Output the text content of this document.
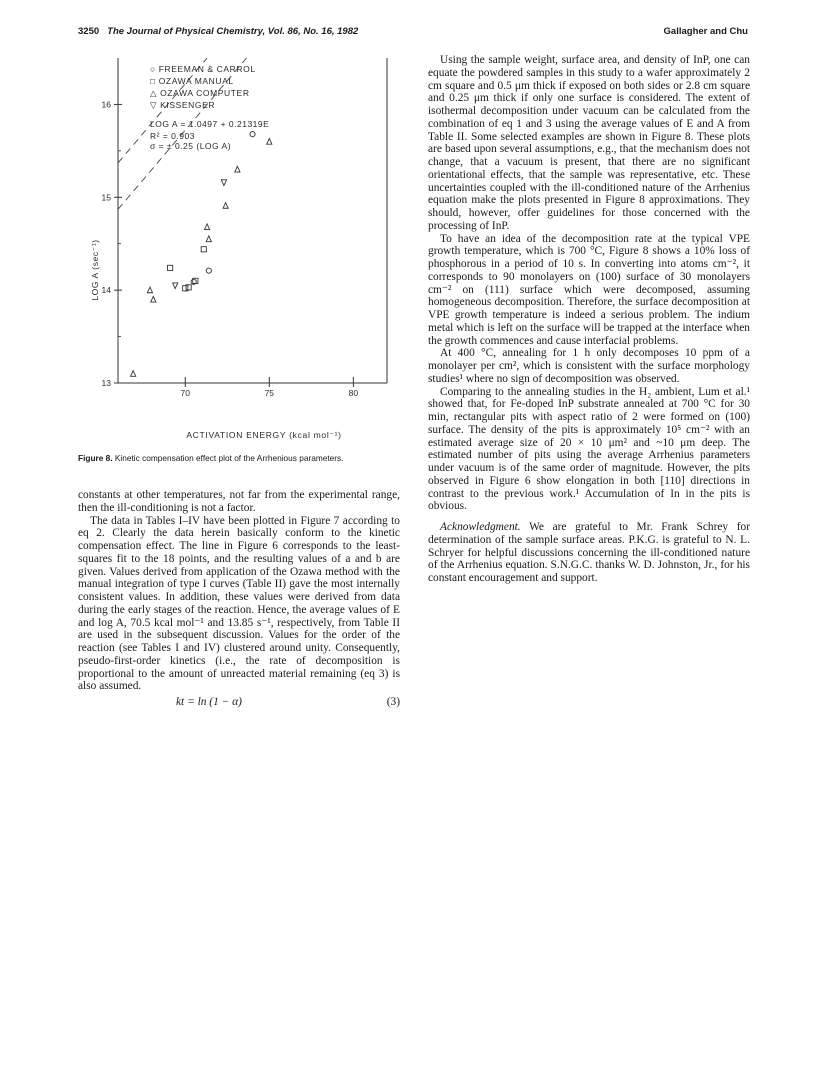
3250 The Journal of Physical Chemistry, Vol. 86, No. 16, 1982	Gallagher and Chu
13
14
15
16
70	75	80
○ FREEMAN & CARROL
□ OZAWA MANUAL
△ OZAWA COMPUTER
▽ KISSENGER
LOG A = 1.0497 + 0.21319E
R² = 0.903
σ = ± 0.25 (LOG A)
LOG A (sec⁻¹)
ACTIVATION ENERGY (kcal mol⁻¹)
Figure 8. Kinetic compensation effect plot of the Arrhenious parameters.

constants at other temperatures, not far from the experimental range, then the ill-conditioning is not a factor.

The data in Tables I–IV have been plotted in Figure 7 according to eq 2. Clearly the data herein basically conform to the kinetic compensation effect. The line in Figure 6 corresponds to the least-squares fit to the 18 points, and the resulting values of a and b are given. Values derived from application of the Ozawa method with the manual integration of type I curves (Table II) gave the most internally consistent values. In addition, these values were derived from data during the early stages of the reaction. Hence, the average values of E and log A, 70.5 kcal mol⁻¹ and 13.85 s⁻¹, respectively, from Table II are used in the subsequent discussion. Values for the order of the reaction (see Tables I and IV) clustered around unity. Consequently, pseudo-first-order kinetics (i.e., the rate of decomposition is proportional to the amount of unreacted material remaining (eq 3) is also assumed.

kt = ln (1 − α)	(3)

Using the sample weight, surface area, and density of InP, one can equate the powdered samples in this study to a wafer approximately 2 cm square and 0.5 μm thick if exposed on both sides or 2.8 cm square and 0.25 μm thick if only one surface is considered. The extent of isothermal decomposition under vacuum can be calculated from the combination of eq 1 and 3 using the average values of E and A from Table II. Some selected examples are shown in Figure 8. These plots are based upon several assumptions, e.g., that the mechanism does not change, that a vacuum is present, that there are no significant orientational effects, that the sample was representative, etc. These uncertainties coupled with the ill-conditioned nature of the Arrhenius equation make the plots presented in Figure 8 approximations. They should, however, offer guidelines for those concerned with the processing of InP.

To have an idea of the decomposition rate at the typical VPE growth temperature, which is 700 °C, Figure 8 shows a 10% loss of phosphorous in a period of 10 s. In converting into atoms cm⁻², it corresponds to 90 monolayers on (100) surface of 30 monolayers cm⁻² on (111) surface which were decomposed, assuming homogeneous decomposition. Therefore, the surface decomposition at VPE growth temperature is indeed a serious problem. The indium metal which is left on the surface will be trapped at the interface when the growth commences and cause interfacial problems.

At 400 °C, annealing for 1 h only decomposes 10 ppm of a monolayer per cm², which is consistent with the surface morphology studies¹ where no sign of decomposition was observed.

Comparing to the annealing studies in the H₂ ambient, Lum et al.¹ showed that, for Fe-doped InP substrate annealed at 700 °C for 30 min, rectangular pits with aspect ratio of 2 were formed on (100) surface. The density of the pits is approximately 10⁵ cm⁻² with an estimated average size of 20 × 10 μm² and ~10 μm deep. The estimated number of pits using the average Arrhenius parameters under vacuum is of the same order of magnitude. However, the pits observed in Figure 6 show elongation in both [110] directions in contrast to the previous work.¹ Accumulation of In in the pits is obvious.

Acknowledgment. We are grateful to Mr. Frank Schrey for determination of the sample surface areas. P.K.G. is grateful to N. L. Schryer for helpful discussions concerning the ill-conditioned nature of the Arrhenius equation. S.N.G.C. thanks W. D. Johnston, Jr., for his constant encouragement and support.
